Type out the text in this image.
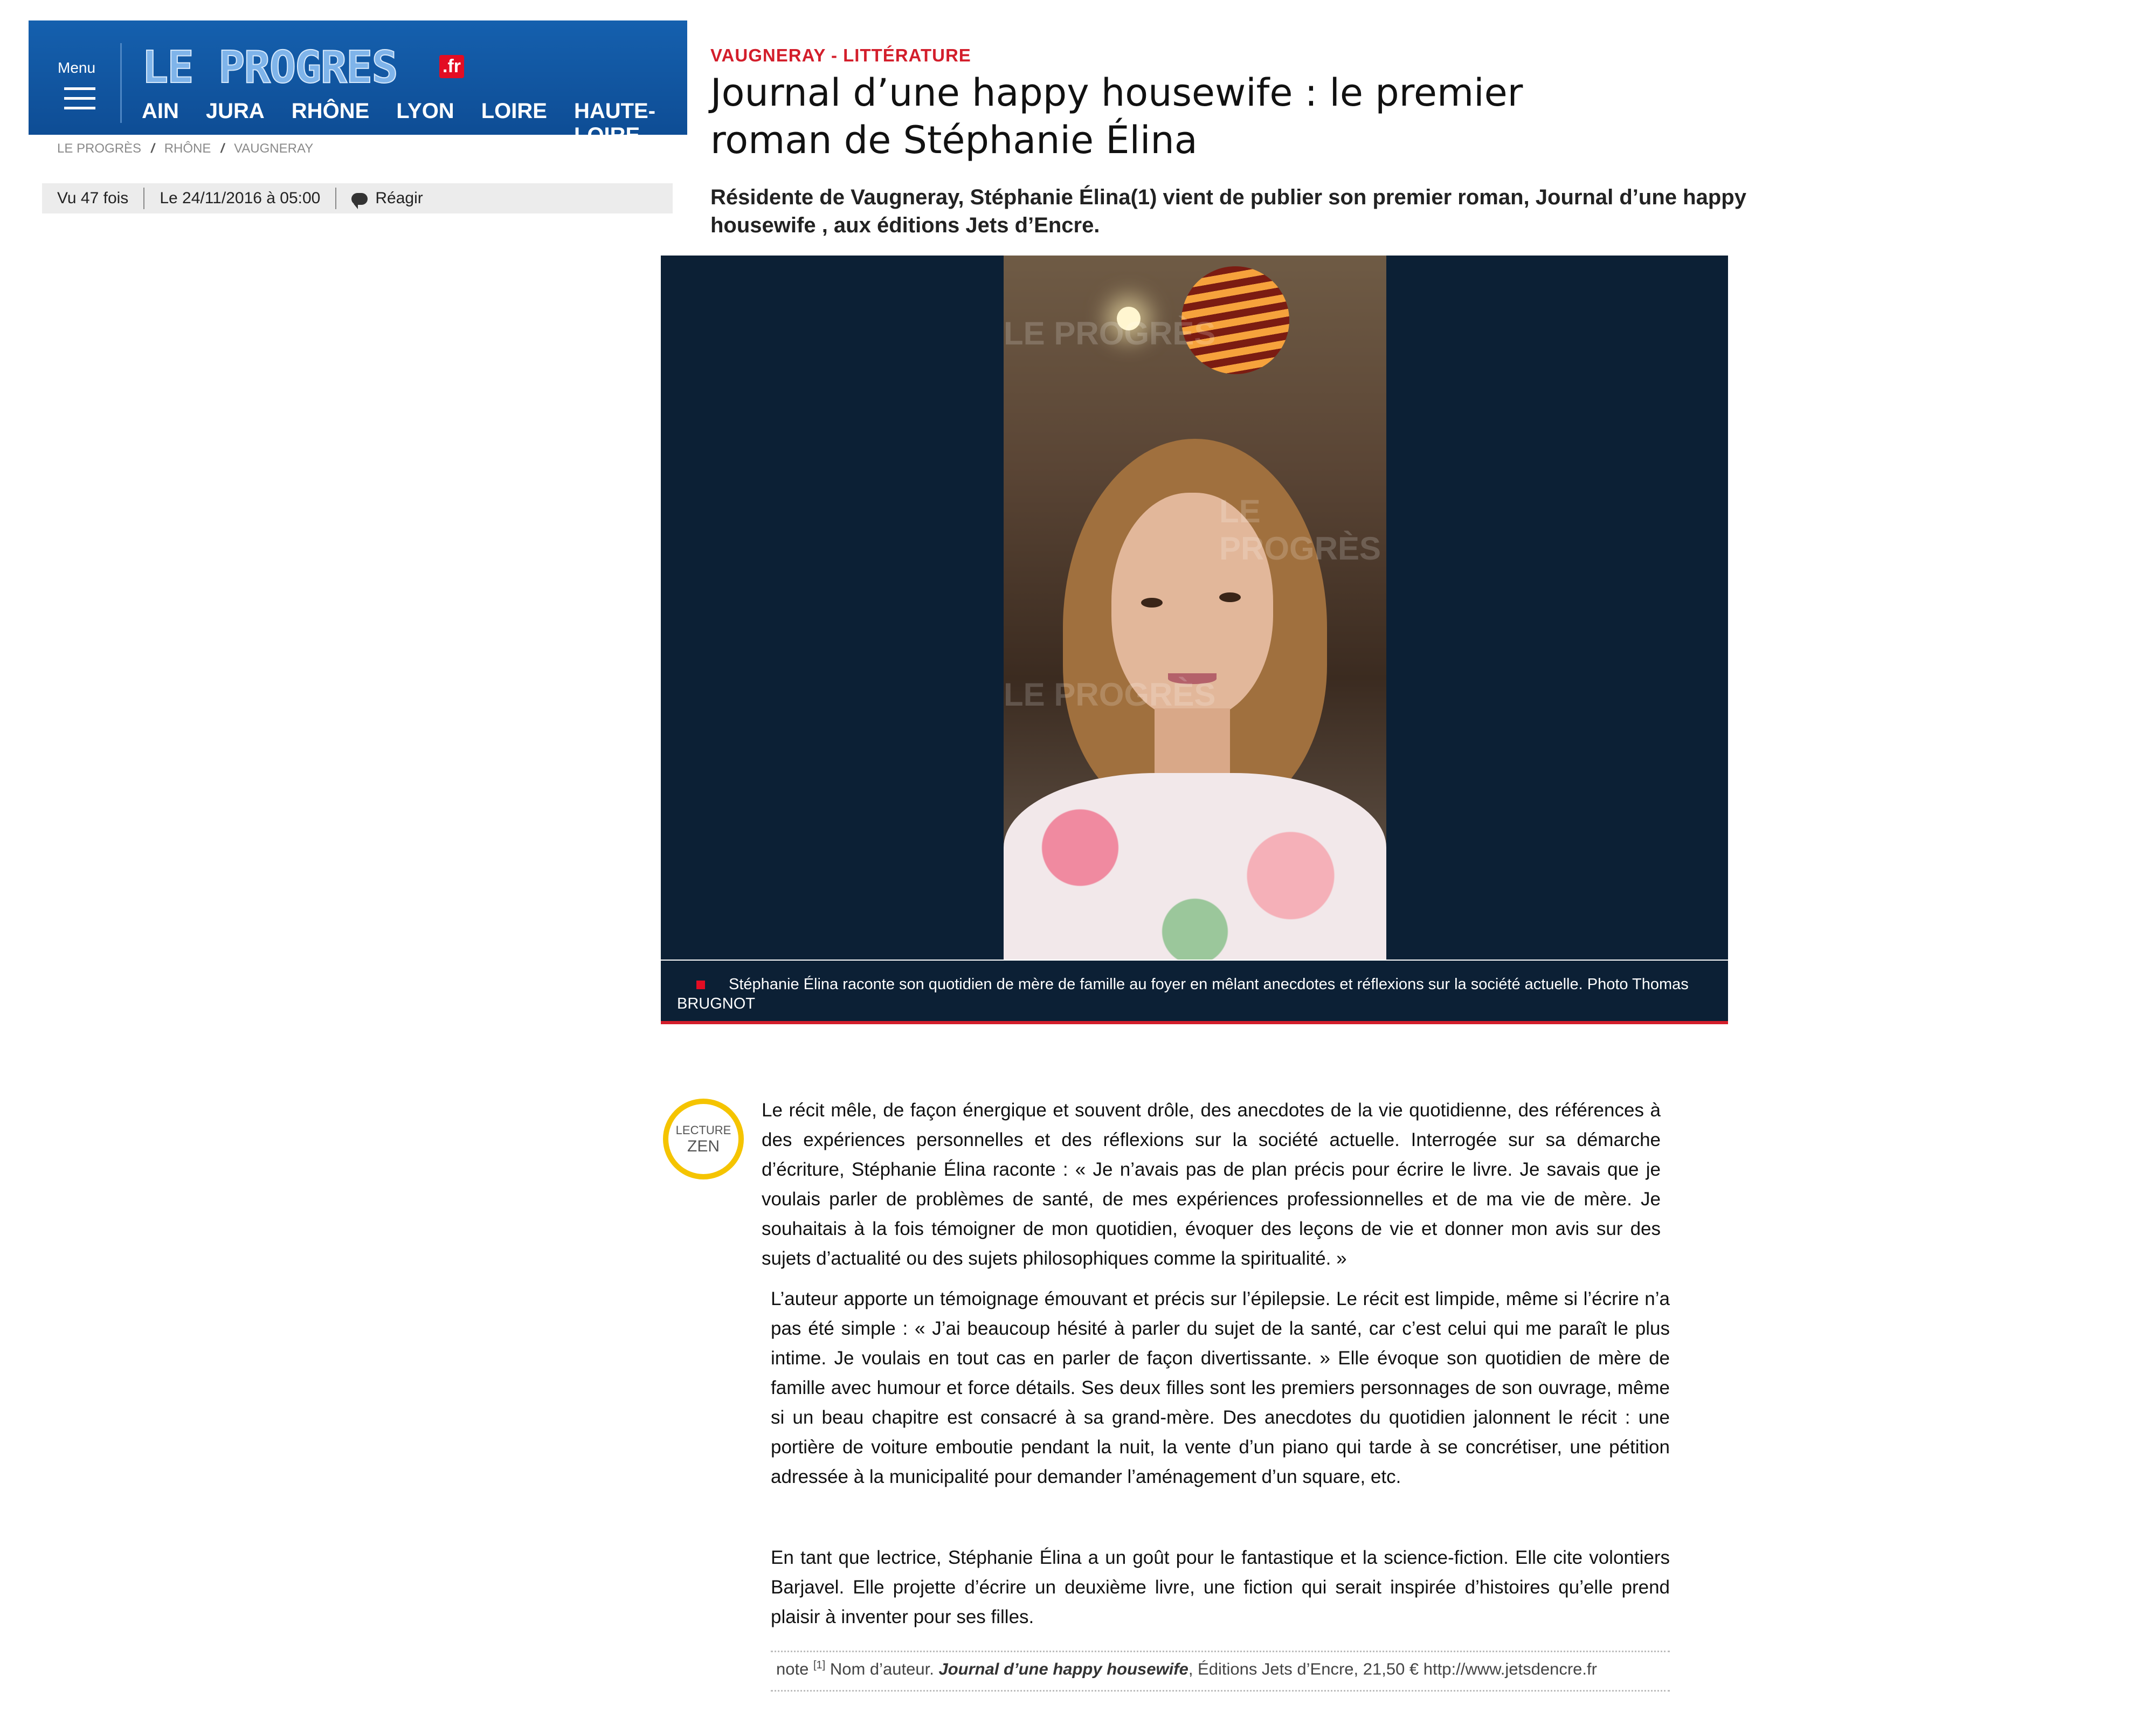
Menu LE PROGRES .fr
AIN JURA RHÔNE LYON LOIRE HAUTE-LOIRE
LE PROGRÈS / RHÔNE / VAUGNERAY
Vu 47 fois	Le 24/11/2016 à 05:00	Réagir
VAUGNERAY - LITTÉRATURE
Journal d’une happy housewife : le premier roman de Stéphanie Élina
Résidente de Vaugneray, Stéphanie Élina(1) vient de publier son premier roman, Journal d’une happy housewife , aux éditions Jets d’Encre.
LE PROGRÈS
LE PROGRÈS
LE PROGRÈS
Stéphanie Élina raconte son quotidien de mère de famille au foyer en mêlant anecdotes et réflexions sur la société actuelle. Photo Thomas BRUGNOT
LECTURE
ZEN

Le récit mêle, de façon énergique et souvent drôle, des anecdotes de la vie quotidienne, des références à des expériences personnelles et des réflexions sur la société actuelle. Interrogée sur sa démarche d’écriture, Stéphanie Élina raconte : « Je n’avais pas de plan précis pour écrire le livre. Je savais que je voulais parler de problèmes de santé, de mes expériences professionnelles et de ma vie de mère. Je souhaitais à la fois témoigner de mon quotidien, évoquer des leçons de vie et donner mon avis sur des sujets d’actualité ou des sujets philosophiques comme la spiritualité. »

L’auteur apporte un témoignage émouvant et précis sur l’épilepsie. Le récit est limpide, même si l’écrire n’a pas été simple : « J’ai beaucoup hésité à parler du sujet de la santé, car c’est celui qui me paraît le plus intime. Je voulais en tout cas en parler de façon divertissante. » Elle évoque son quotidien de mère de famille avec humour et force détails. Ses deux filles sont les premiers personnages de son ouvrage, même si un beau chapitre est consacré à sa grand-mère. Des anecdotes du quotidien jalonnent le récit : une portière de voiture emboutie pendant la nuit, la vente d’un piano qui tarde à se concrétiser, une pétition adressée à la municipalité pour demander l’aménagement d’un square, etc.

En tant que lectrice, Stéphanie Élina a un goût pour le fantastique et la science-fiction. Elle cite volontiers Barjavel. Elle projette d’écrire un deuxième livre, une fiction qui serait inspirée d’histoires qu’elle prend plaisir à inventer pour ses filles.

note [1] Nom d’auteur. Journal d’une happy housewife, Éditions Jets d’Encre, 21,50 € http://www.jetsdencre.fr
